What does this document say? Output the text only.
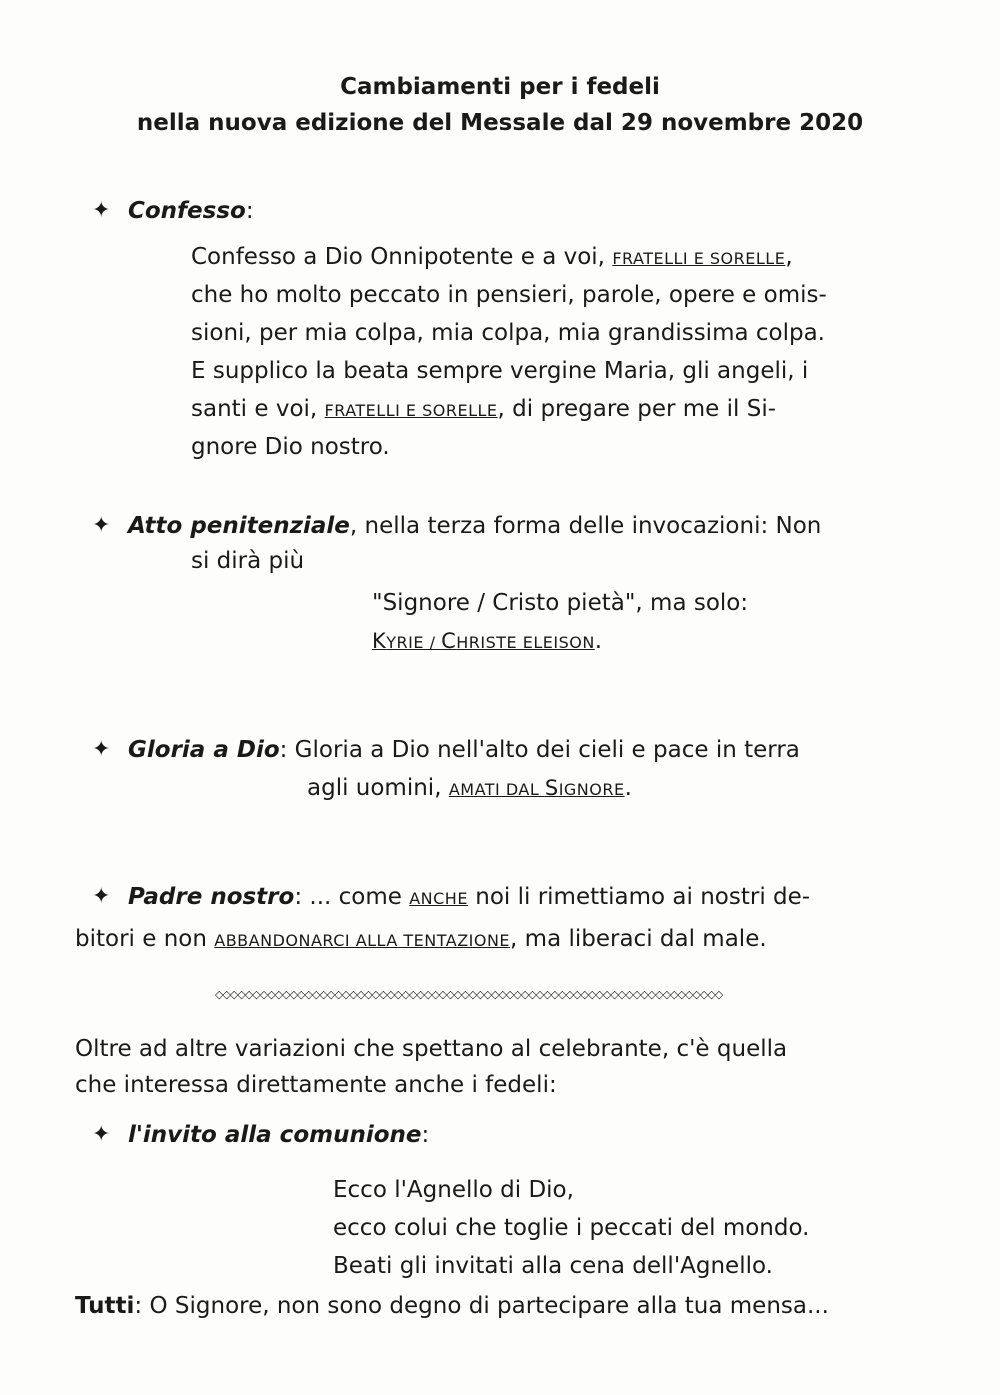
Cambiamenti per i fedeli
nella nuova edizione del Messale dal 29 novembre 2020
✦ Confesso:
Confesso a Dio Onnipotente e a voi, FRATELLI E SORELLE,
che ho molto peccato in pensieri, parole, opere e omis-
sioni, per mia colpa, mia colpa, mia grandissima colpa.
E supplico la beata sempre vergine Maria, gli angeli, i
santi e voi, FRATELLI E SORELLE, di pregare per me il Si-
gnore Dio nostro.
✦ Atto penitenziale, nella terza forma delle invocazioni: Non
si dirà più
"Signore / Cristo pietà", ma solo:
KYRIE / CHRISTE ELEISON.
✦ Gloria a Dio: Gloria a Dio nell'alto dei cieli e pace in terra
agli uomini, AMATI DAL SIGNORE.
✦ Padre nostro: ... come ANCHE noi li rimettiamo ai nostri de-
bitori e non ABBANDONARCI ALLA TENTAZIONE, ma liberaci dal male.
◇◇◇◇◇◇◇◇◇◇◇◇◇◇◇◇◇◇◇◇◇◇◇◇◇◇◇◇◇◇◇◇◇◇◇◇◇◇◇◇◇◇◇◇◇◇◇◇◇◇◇◇◇◇◇◇◇◇◇◇◇◇◇◇◇◇◇◇
Oltre ad altre variazioni che spettano al celebrante, c'è quella
che interessa direttamente anche i fedeli:
✦ l'invito alla comunione:
Ecco l'Agnello di Dio,
ecco colui che toglie i peccati del mondo.
Beati gli invitati alla cena dell'Agnello.
Tutti: O Signore, non sono degno di partecipare alla tua mensa...
